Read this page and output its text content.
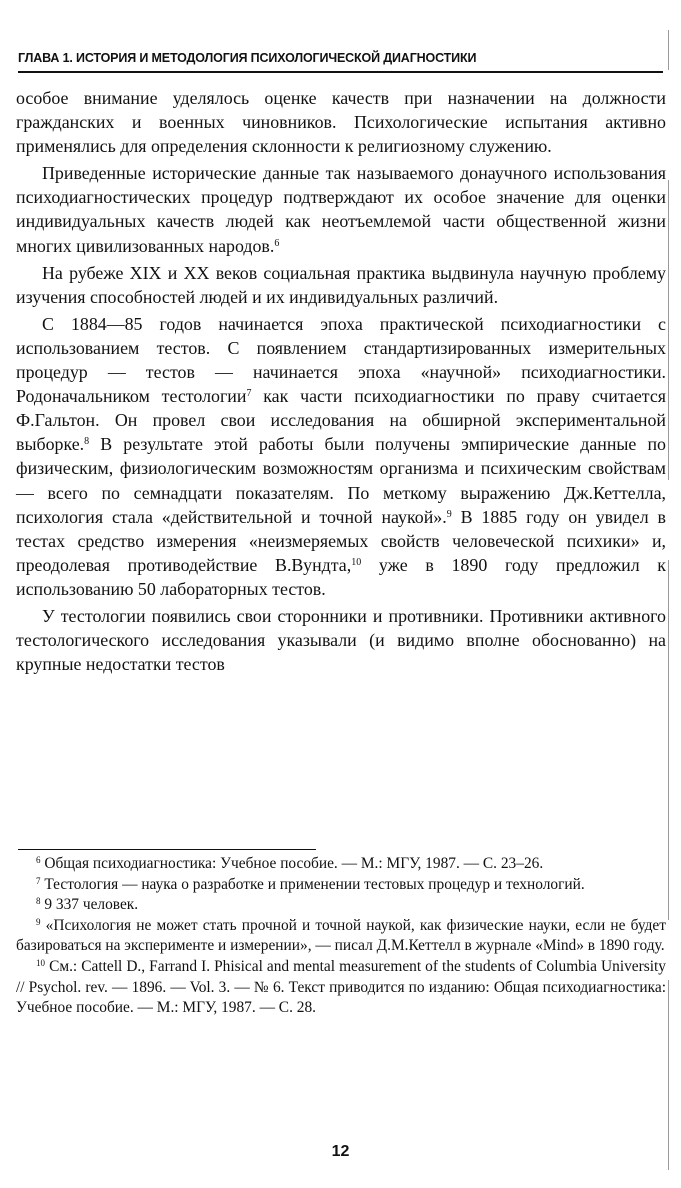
ГЛАВА 1. ИСТОРИЯ И МЕТОДОЛОГИЯ ПСИХОЛОГИЧЕСКОЙ ДИАГНОСТИКИ

особое внимание уделялось оценке качеств при назначении на должности гражданских и военных чиновников. Психологические испытания активно применялись для определения склонности к религиозному служению.

Приведенные исторические данные так называемого донаучного использования психодиагностических процедур подтверждают их особое значение для оценки индивидуальных качеств людей как неотъемлемой части общественной жизни многих цивилизованных народов.$^6$

На рубеже XIX и XX веков социальная практика выдвинула научную проблему изучения способностей людей и их индивидуальных различий.

С 1884—85 годов начинается эпоха практической психодиагностики с использованием тестов. С появлением стандартизированных измерительных процедур — тестов — начинается эпоха «научной» психодиагностики. Родоначальником тестологии$^7$ как части психодиагностики по праву считается Ф.Гальтон. Он провел свои исследования на обширной экспериментальной выборке.$^8$ В результате этой работы были получены эмпирические данные по физическим, физиологическим возможностям организма и психическим свойствам — всего по семнадцати показателям. По меткому выражению Дж.Кеттелла, психология стала «действительной и точной наукой».$^9$ В 1885 году он увидел в тестах средство измерения «неизмеряемых свойств человеческой психики» и, преодолевая противодействие В.Вундта,$^{10}$ уже в 1890 году предложил к использованию 50 лабораторных тестов.

У тестологии появились свои сторонники и противники. Противники активного тестологического исследования указывали (и видимо вполне обоснованно) на крупные недостатки тестов

$^6$ Общая психодиагностика: Учебное пособие. — М.: МГУ, 1987. — С. 23–26.

$^7$ Тестология — наука о разработке и применении тестовых процедур и технологий.

$^8$ 9 337 человек.

$^9$ «Психология не может стать прочной и точной наукой, как физические науки, если не будет базироваться на эксперименте и измерении», — писал Д.М.Кеттелл в журнале «Mind» в 1890 году.

$^{10}$ См.: Cattell D., Farrand I. Phisical and mental measurement of the students of Columbia University // Psychol. rev. — 1896. — Vol. 3. — № 6. Текст приводится по изданию: Общая психодиагностика: Учебное пособие. — М.: МГУ, 1987. — С. 28.

12
